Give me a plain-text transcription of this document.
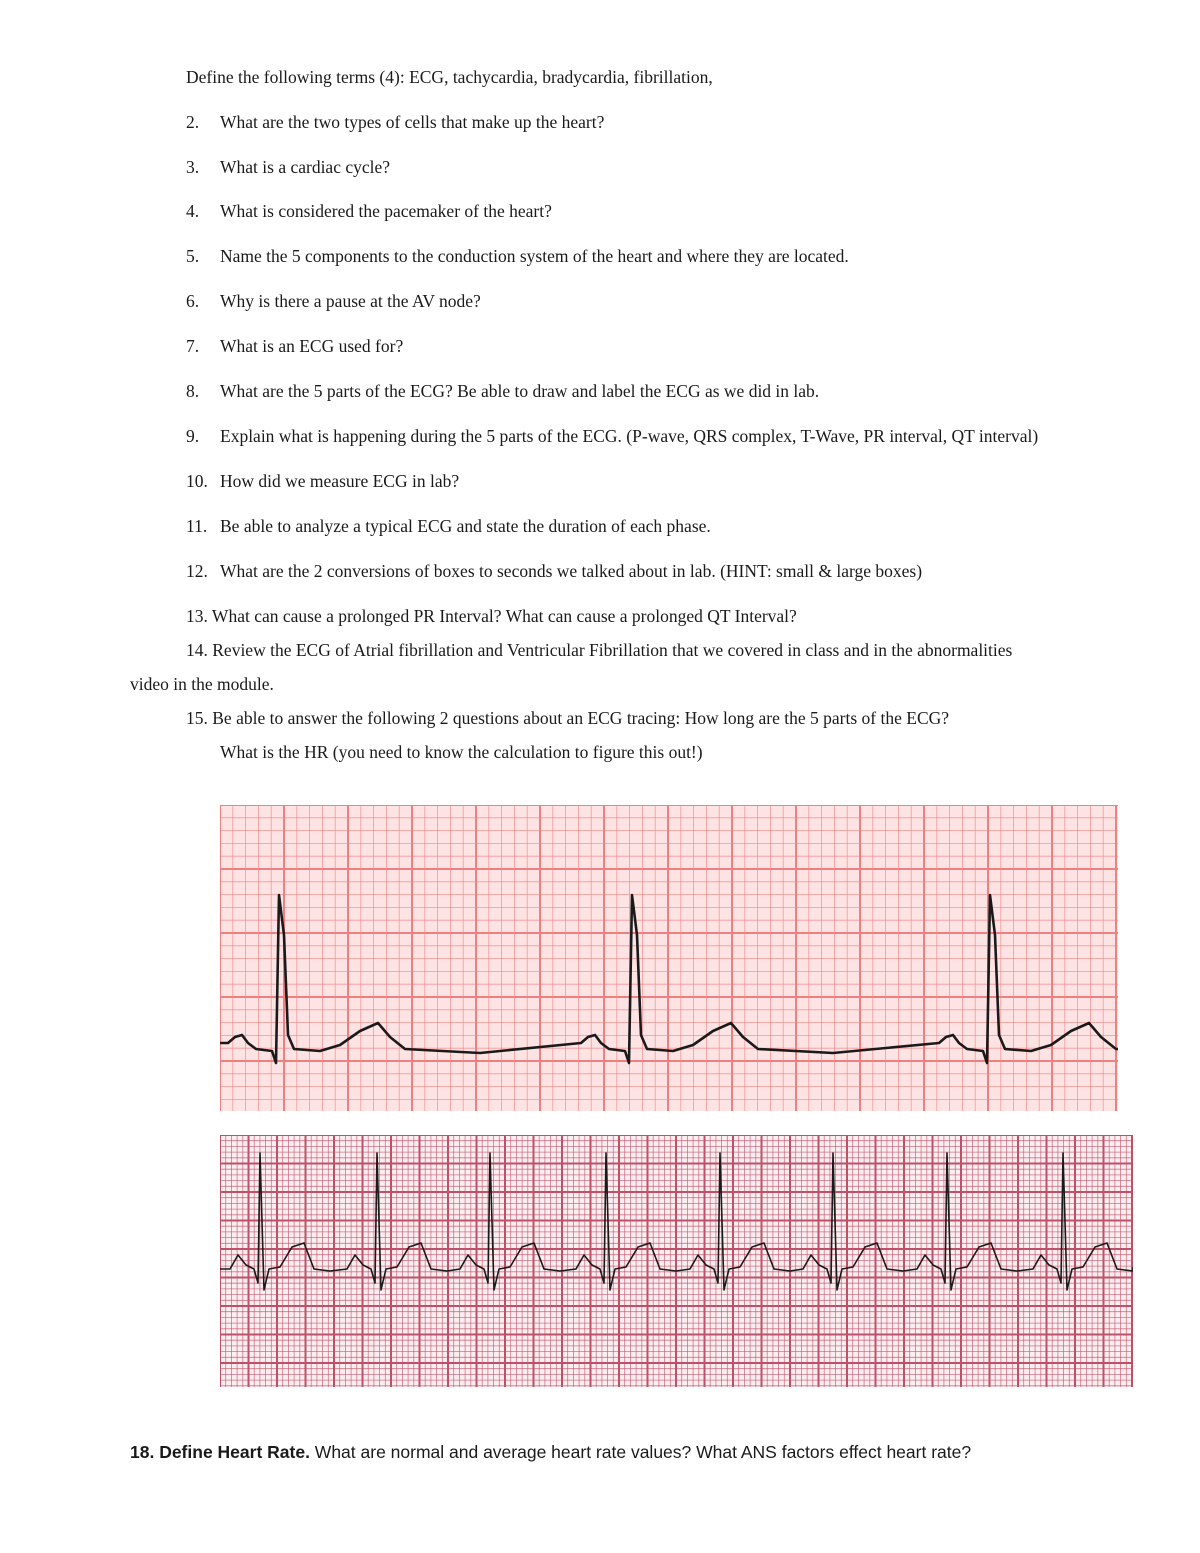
Define the following terms (4): ECG, tachycardia, bradycardia, fibrillation,
2. What are the two types of cells that make up the heart?
3. What is a cardiac cycle?
4. What is considered the pacemaker of the heart?
5. Name the 5 components to the conduction system of the heart and where they are located.
6. Why is there a pause at the AV node?
7. What is an ECG used for?
8. What are the 5 parts of the ECG? Be able to draw and label the ECG as we did in lab.
9. Explain what is happening during the 5 parts of the ECG. (P-wave, QRS complex, T-Wave, PR interval, QT interval)
10. How did we measure ECG in lab?
11. Be able to analyze a typical ECG and state the duration of each phase.
12. What are the 2 conversions of boxes to seconds we talked about in lab. (HINT: small & large boxes)
13. What can cause a prolonged PR Interval? What can cause a prolonged QT Interval?
14. Review the ECG of Atrial fibrillation and Ventricular Fibrillation that we covered in class and in the abnormalities
video in the module.
15. Be able to answer the following 2 questions about an ECG tracing: How long are the 5 parts of the ECG?
What is the HR (you need to know the calculation to figure this out!)
18. Define Heart Rate. What are normal and average heart rate values? What ANS factors effect heart rate?
